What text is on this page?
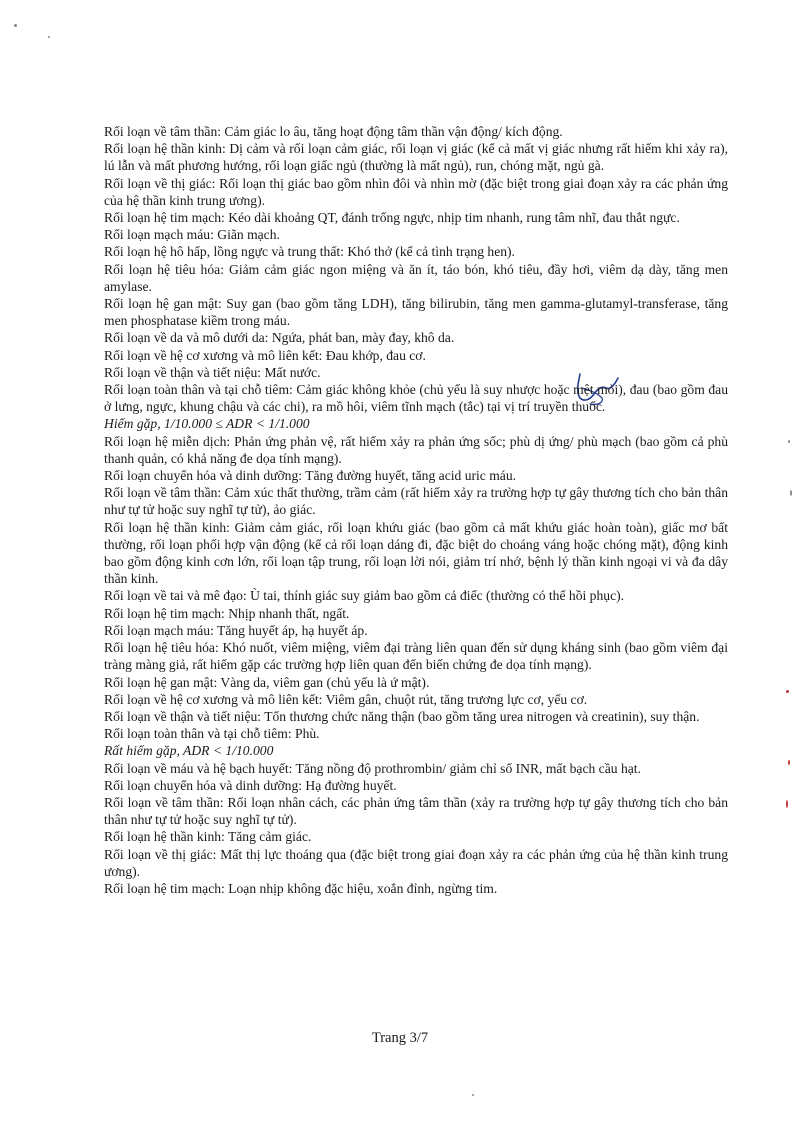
Rối loạn về tâm thần: Cảm giác lo âu, tăng hoạt động tâm thần vận động/ kích động.

Rối loạn hệ thần kinh: Dị cảm và rối loạn cảm giác, rối loạn vị giác (kể cả mất vị giác nhưng rất hiếm khi xảy ra), lú lẫn và mất phương hướng, rối loạn giấc ngủ (thường là mất ngủ), run, chóng mặt, ngủ gà.

Rối loạn về thị giác: Rối loạn thị giác bao gồm nhìn đôi và nhìn mờ (đặc biệt trong giai đoạn xảy ra các phản ứng của hệ thần kinh trung ương).

Rối loạn hệ tim mạch: Kéo dài khoảng QT, đánh trống ngực, nhịp tim nhanh, rung tâm nhĩ, đau thắt ngực.

Rối loạn mạch máu: Giãn mạch.

Rối loạn hệ hô hấp, lồng ngực và trung thất: Khó thở (kể cả tình trạng hen).

Rối loạn hệ tiêu hóa: Giảm cảm giác ngon miệng và ăn ít, táo bón, khó tiêu, đầy hơi, viêm dạ dày, tăng men amylase.

Rối loạn hệ gan mật: Suy gan (bao gồm tăng LDH), tăng bilirubin, tăng men gamma-glutamyl-transferase, tăng men phosphatase kiềm trong máu.

Rối loạn về da và mô dưới da: Ngứa, phát ban, mày đay, khô da.

Rối loạn về hệ cơ xương và mô liên kết: Đau khớp, đau cơ.

Rối loạn về thận và tiết niệu: Mất nước.

Rối loạn toàn thân và tại chỗ tiêm: Cảm giác không khỏe (chủ yếu là suy nhược hoặc mệt mỏi), đau (bao gồm đau ở lưng, ngực, khung chậu và các chi), ra mồ hôi, viêm tĩnh mạch (tắc) tại vị trí truyền thuốc.

Hiếm gặp, 1/10.000 ≤ ADR < 1/1.000

Rối loạn hệ miễn dịch: Phản ứng phản vệ, rất hiếm xảy ra phản ứng sốc; phù dị ứng/ phù mạch (bao gồm cả phù thanh quản, có khả năng đe dọa tính mạng).

Rối loạn chuyển hóa và dinh dưỡng: Tăng đường huyết, tăng acid uric máu.

Rối loạn về tâm thần: Cảm xúc thất thường, trầm cảm (rất hiếm xảy ra trường hợp tự gây thương tích cho bản thân như tự tử hoặc suy nghĩ tự tử), ảo giác.

Rối loạn hệ thần kinh: Giảm cảm giác, rối loạn khứu giác (bao gồm cả mất khứu giác hoàn toàn), giấc mơ bất thường, rối loạn phối hợp vận động (kể cả rối loạn dáng đi, đặc biệt do choáng váng hoặc chóng mặt), động kinh bao gồm động kinh cơn lớn, rối loạn tập trung, rối loạn lời nói, giảm trí nhớ, bệnh lý thần kinh ngoại vi và đa dây thần kinh.

Rối loạn về tai và mê đạo: Ù tai, thính giác suy giảm bao gồm cả điếc (thường có thể hồi phục).

Rối loạn hệ tim mạch: Nhịp nhanh thất, ngất.

Rối loạn mạch máu: Tăng huyết áp, hạ huyết áp.

Rối loạn hệ tiêu hóa: Khó nuốt, viêm miệng, viêm đại tràng liên quan đến sử dụng kháng sinh (bao gồm viêm đại tràng màng giả, rất hiếm gặp các trường hợp liên quan đến biến chứng đe dọa tính mạng).

Rối loạn hệ gan mật: Vàng da, viêm gan (chủ yếu là ứ mật).

Rối loạn về hệ cơ xương và mô liên kết: Viêm gân, chuột rút, tăng trương lực cơ, yếu cơ.

Rối loạn về thận và tiết niệu: Tổn thương chức năng thận (bao gồm tăng urea nitrogen và creatinin), suy thận.

Rối loạn toàn thân và tại chỗ tiêm: Phù.

Rất hiếm gặp, ADR < 1/10.000

Rối loạn về máu và hệ bạch huyết: Tăng nồng độ prothrombin/ giảm chỉ số INR, mất bạch cầu hạt.

Rối loạn chuyển hóa và dinh dưỡng: Hạ đường huyết.

Rối loạn về tâm thần: Rối loạn nhân cách, các phản ứng tâm thần (xảy ra trường hợp tự gây thương tích cho bản thân như tự tử hoặc suy nghĩ tự tử).

Rối loạn hệ thần kinh: Tăng cảm giác.

Rối loạn về thị giác: Mất thị lực thoáng qua (đặc biệt trong giai đoạn xảy ra các phản ứng của hệ thần kinh trung ương).

Rối loạn hệ tim mạch: Loạn nhịp không đặc hiệu, xoắn đỉnh, ngừng tim.

Trang 3/7
